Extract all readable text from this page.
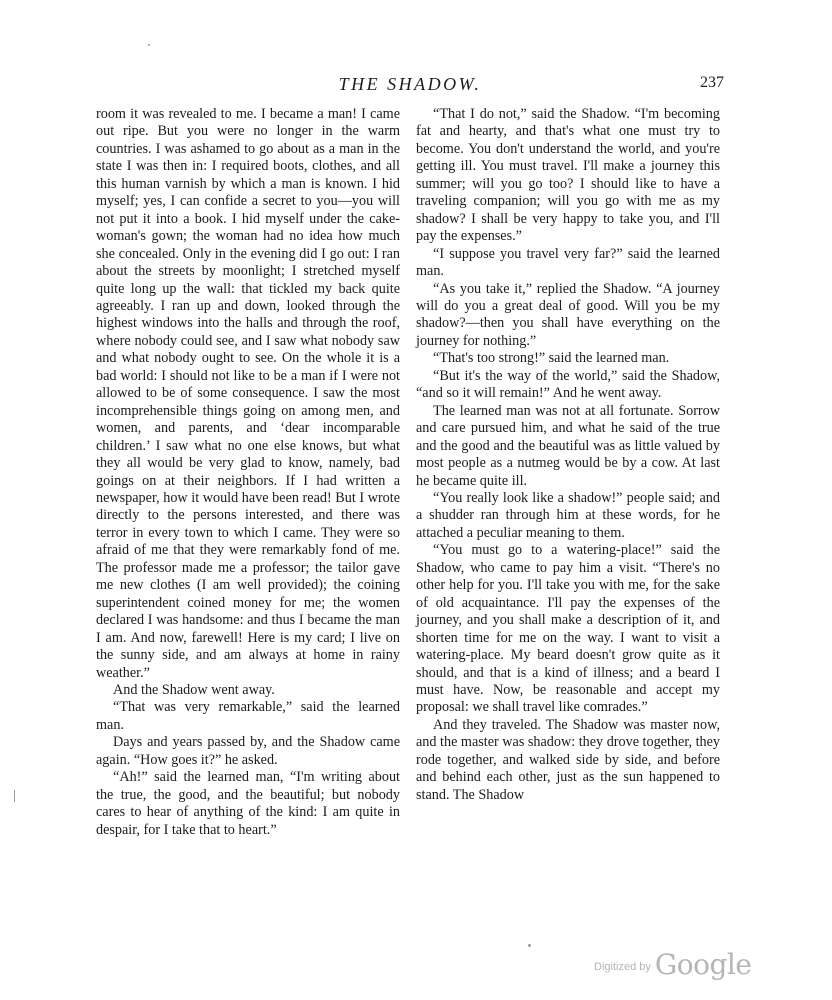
THE SHADOW.	237

room it was revealed to me. I became a man! I came out ripe. But you were no longer in the warm countries. I was ashamed to go about as a man in the state I was then in: I required boots, clothes, and all this human varnish by which a man is known. I hid myself; yes, I can confide a secret to you—you will not put it into a book. I hid myself under the cake-woman's gown; the woman had no idea how much she concealed. Only in the evening did I go out: I ran about the streets by moonlight; I stretched myself quite long up the wall: that tickled my back quite agreeably. I ran up and down, looked through the highest windows into the halls and through the roof, where nobody could see, and I saw what nobody saw and what nobody ought to see. On the whole it is a bad world: I should not like to be a man if I were not allowed to be of some consequence. I saw the most incomprehensible things going on among men, and women, and parents, and ‘dear incomparable children.’ I saw what no one else knows, but what they all would be very glad to know, namely, bad goings on at their neighbors. If I had written a newspaper, how it would have been read! But I wrote directly to the persons interested, and there was terror in every town to which I came. They were so afraid of me that they were remarkably fond of me. The professor made me a professor; the tailor gave me new clothes (I am well provided); the coining superintendent coined money for me; the women declared I was handsome: and thus I became the man I am. And now, farewell! Here is my card; I live on the sunny side, and am always at home in rainy weather.”

And the Shadow went away.

“That was very remarkable,” said the learned man.

Days and years passed by, and the Shadow came again. “How goes it?” he asked.

“Ah!” said the learned man, “I'm writing about the true, the good, and the beautiful; but nobody cares to hear of anything of the kind: I am quite in despair, for I take that to heart.”

“That I do not,” said the Shadow. “I'm becoming fat and hearty, and that's what one must try to become. You don't understand the world, and you're getting ill. You must travel. I'll make a journey this summer; will you go too? I should like to have a traveling companion; will you go with me as my shadow? I shall be very happy to take you, and I'll pay the expenses.”

“I suppose you travel very far?” said the learned man.

“As you take it,” replied the Shadow. “A journey will do you a great deal of good. Will you be my shadow?—then you shall have everything on the journey for nothing.”

“That's too strong!” said the learned man.

“But it's the way of the world,” said the Shadow, “and so it will remain!” And he went away.

The learned man was not at all fortunate. Sorrow and care pursued him, and what he said of the true and the good and the beautiful was as little valued by most people as a nutmeg would be by a cow. At last he became quite ill.

“You really look like a shadow!” people said; and a shudder ran through him at these words, for he attached a peculiar meaning to them.

“You must go to a watering-place!” said the Shadow, who came to pay him a visit. “There's no other help for you. I'll take you with me, for the sake of old acquaintance. I'll pay the expenses of the journey, and you shall make a description of it, and shorten time for me on the way. I want to visit a watering-place. My beard doesn't grow quite as it should, and that is a kind of illness; and a beard I must have. Now, be reasonable and accept my proposal: we shall travel like comrades.”

And they traveled. The Shadow was master now, and the master was shadow: they drove together, they rode together, and walked side by side, and before and behind each other, just as the sun happened to stand. The Shadow

$^{Digitized by}$ Google
